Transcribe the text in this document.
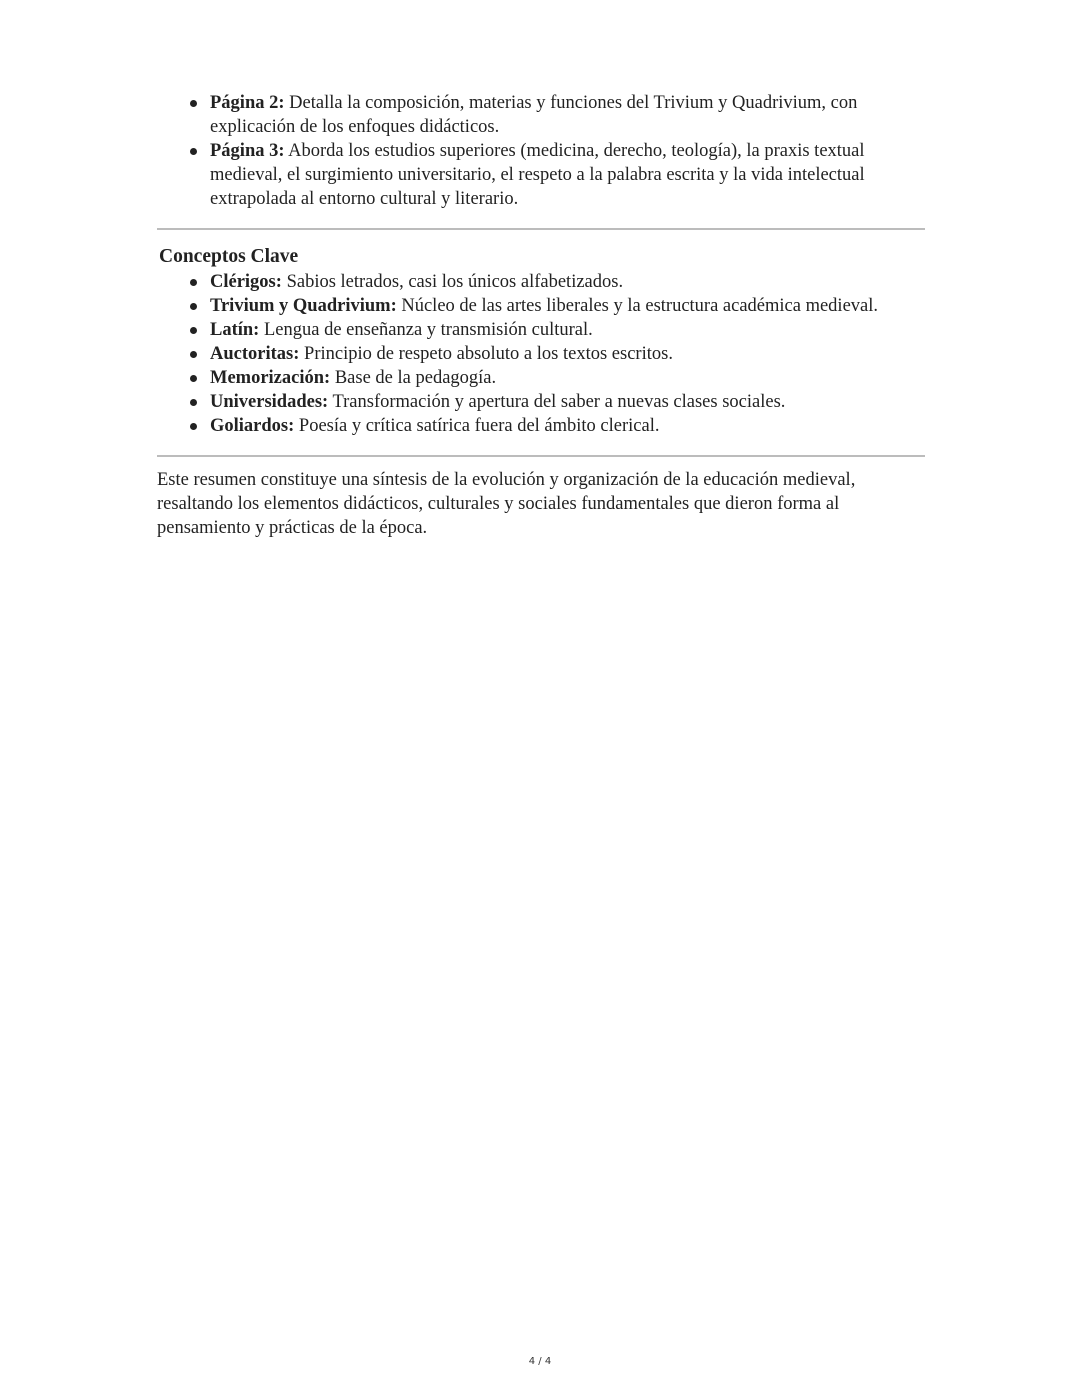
Página 2: Detalla la composición, materias y funciones del Trivium y Quadrivium, con explicación de los enfoques didácticos.
Página 3: Aborda los estudios superiores (medicina, derecho, teología), la praxis textual medieval, el surgimiento universitario, el respeto a la palabra escrita y la vida intelectual extrapolada al entorno cultural y literario.
Conceptos Clave
Clérigos: Sabios letrados, casi los únicos alfabetizados.
Trivium y Quadrivium: Núcleo de las artes liberales y la estructura académica medieval.
Latín: Lengua de enseñanza y transmisión cultural.
Auctoritas: Principio de respeto absoluto a los textos escritos.
Memorización: Base de la pedagogía.
Universidades: Transformación y apertura del saber a nuevas clases sociales.
Goliardos: Poesía y crítica satírica fuera del ámbito clerical.

Este resumen constituye una síntesis de la evolución y organización de la educación medieval, resaltando los elementos didácticos, culturales y sociales fundamentales que dieron forma al pensamiento y prácticas de la época.

4 / 4
